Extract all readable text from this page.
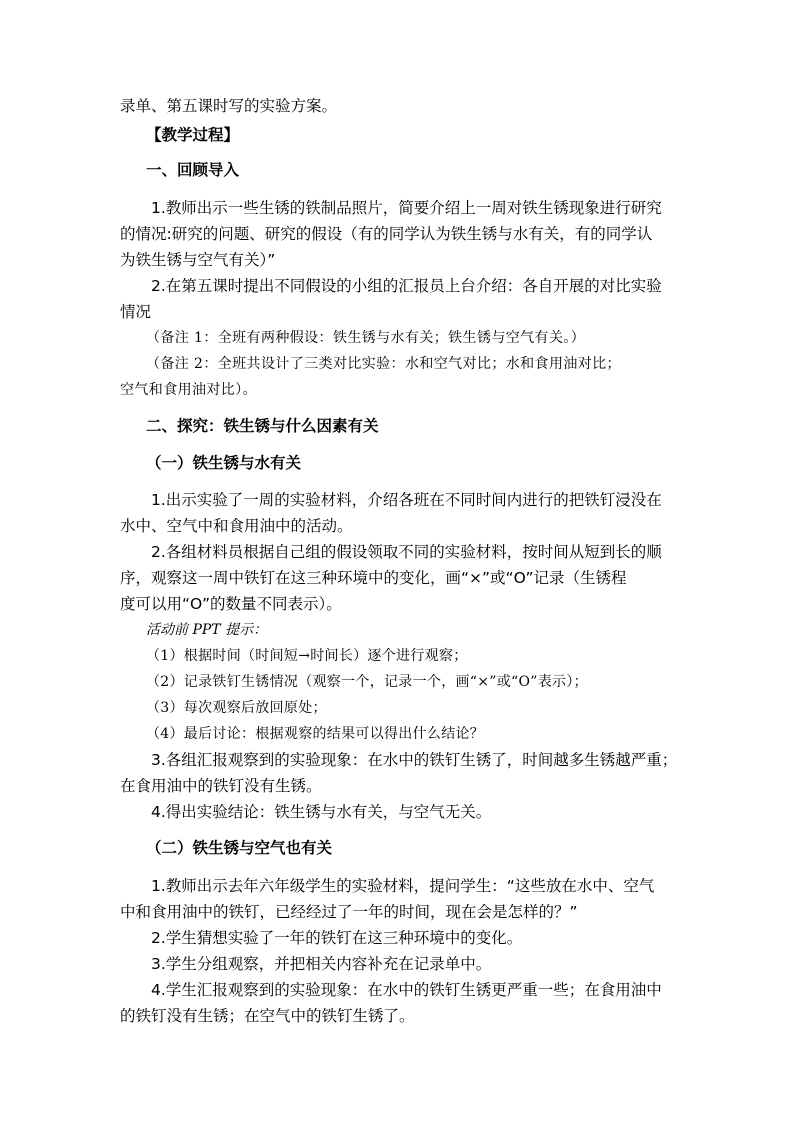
录单、第五课时写的实验方案。
【教学过程】
一、回顾导入
1.教师出示一些生锈的铁制品照片，简要介绍上一周对铁生锈现象进行研究
的情况:研究的问题、研究的假设（有的同学认为铁生锈与水有关，有的同学认
为铁生锈与空气有关）”
2.在第五课时提出不同假设的小组的汇报员上台介绍：各自开展的对比实验
情况
（备注 1：全班有两种假设：铁生锈与水有关；铁生锈与空气有关。）
（备注 2：全班共设计了三类对比实验：水和空气对比；水和食用油对比；
空气和食用油对比）。
二、探究：铁生锈与什么因素有关
（一）铁生锈与水有关
1.出示实验了一周的实验材料，介绍各班在不同时间内进行的把铁钉浸没在
水中、空气中和食用油中的活动。
2.各组材料员根据自己组的假设领取不同的实验材料，按时间从短到长的顺
序，观察这一周中铁钉在这三种环境中的变化，画“×”或“O”记录（生锈程
度可以用“O”的数量不同表示）。
活动前 PPT 提示：
（1）根据时间（时间短→时间长）逐个进行观察；
（2）记录铁钉生锈情况（观察一个，记录一个，画“×”或“O”表示）；
（3）每次观察后放回原处；
（4）最后讨论：根据观察的结果可以得出什么结论？
3.各组汇报观察到的实验现象：在水中的铁钉生锈了，时间越多生锈越严重；
在食用油中的铁钉没有生锈。
4.得出实验结论：铁生锈与水有关，与空气无关。
（二）铁生锈与空气也有关
1.教师出示去年六年级学生的实验材料，提问学生：“这些放在水中、空气
中和食用油中的铁钉，已经经过了一年的时间，现在会是怎样的？”
2.学生猜想实验了一年的铁钉在这三种环境中的变化。
3.学生分组观察，并把相关内容补充在记录单中。
4.学生汇报观察到的实验现象：在水中的铁钉生锈更严重一些；在食用油中
的铁钉没有生锈；在空气中的铁钉生锈了。
